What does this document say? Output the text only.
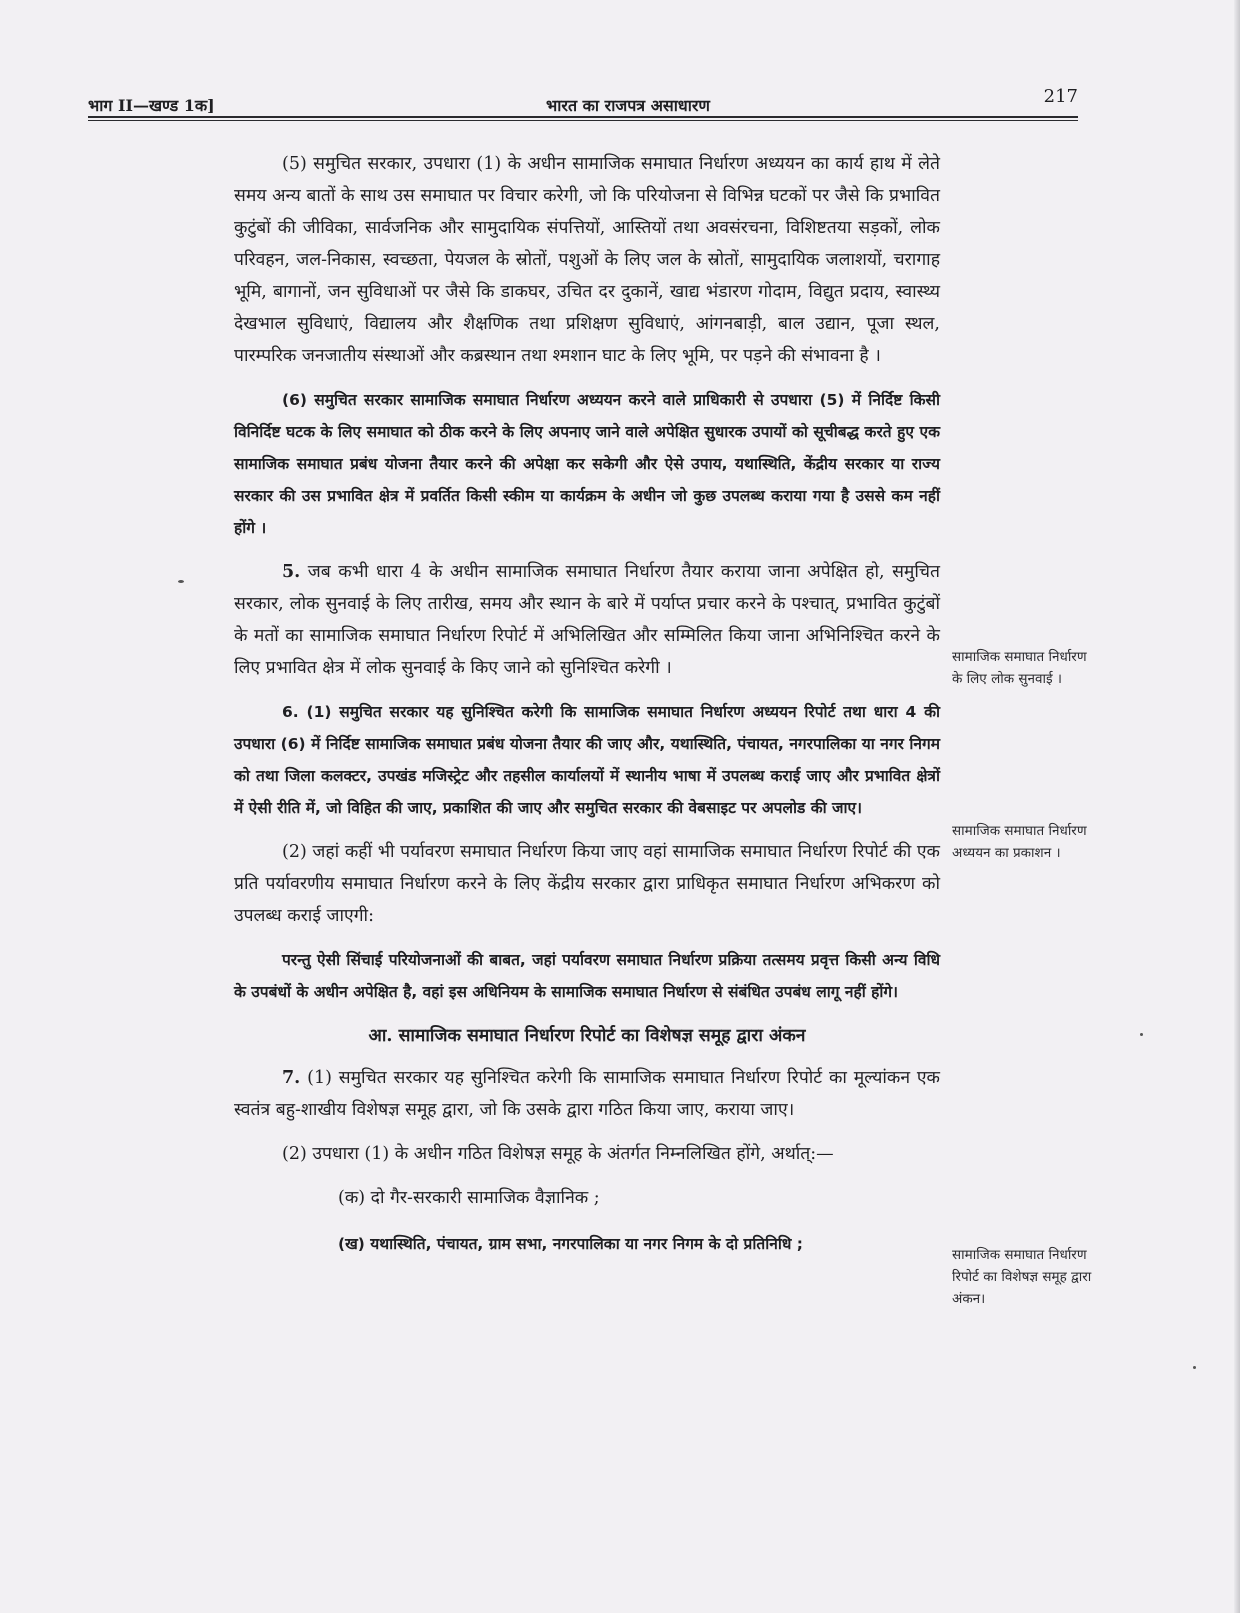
भाग II—खण्ड 1क]	भारत का राजपत्र असाधारण	217

(5) समुचित सरकार, उपधारा (1) के अधीन सामाजिक समाघात निर्धारण अध्ययन का कार्य हाथ में लेते समय अन्य बातों के साथ उस समाघात पर विचार करेगी, जो कि परियोजना से विभिन्न घटकों पर जैसे कि प्रभावित कुटुंबों की जीविका, सार्वजनिक और सामुदायिक संपत्तियों, आस्तियों तथा अवसंरचना, विशिष्टतया सड़कों, लोक परिवहन, जल-निकास, स्वच्छता, पेयजल के स्रोतों, पशुओं के लिए जल के स्रोतों, सामुदायिक जलाशयों, चरागाह भूमि, बागानों, जन सुविधाओं पर जैसे कि डाकघर, उचित दर दुकानें, खाद्य भंडारण गोदाम, विद्युत प्रदाय, स्वास्थ्य देखभाल सुविधाएं, विद्यालय और शैक्षणिक तथा प्रशिक्षण सुविधाएं, आंगनबाड़ी, बाल उद्यान, पूजा स्थल, पारम्परिक जनजातीय संस्थाओं और कब्रस्थान तथा श्मशान घाट के लिए भूमि, पर पड़ने की संभावना है ।

(6) समुचित सरकार सामाजिक समाघात निर्धारण अध्ययन करने वाले प्राधिकारी से उपधारा (5) में निर्दिष्ट किसी विनिर्दिष्ट घटक के लिए समाघात को ठीक करने के लिए अपनाए जाने वाले अपेक्षित सुधारक उपायों को सूचीबद्ध करते हुए एक सामाजिक समाघात प्रबंध योजना तैयार करने की अपेक्षा कर सकेगी और ऐसे उपाय, यथास्थिति, केंद्रीय सरकार या राज्य सरकार की उस प्रभावित क्षेत्र में प्रवर्तित किसी स्कीम या कार्यक्रम के अधीन जो कुछ उपलब्ध कराया गया है उससे कम नहीं होंगे ।

5. जब कभी धारा 4 के अधीन सामाजिक समाघात निर्धारण तैयार कराया जाना अपेक्षित हो, समुचित सरकार, लोक सुनवाई के लिए तारीख, समय और स्थान के बारे में पर्याप्त प्रचार करने के पश्चात्, प्रभावित कुटुंबों के मतों का सामाजिक समाघात निर्धारण रिपोर्ट में अभिलिखित और सम्मिलित किया जाना अभिनिश्चित करने के लिए प्रभावित क्षेत्र में लोक सुनवाई के किए जाने को सुनिश्चित करेगी ।

6. (1) समुचित सरकार यह सुनिश्चित करेगी कि सामाजिक समाघात निर्धारण अध्ययन रिपोर्ट तथा धारा 4 की उपधारा (6) में निर्दिष्ट सामाजिक समाघात प्रबंध योजना तैयार की जाए और, यथास्थिति, पंचायत, नगरपालिका या नगर निगम को तथा जिला कलक्टर, उपखंड मजिस्ट्रेट और तहसील कार्यालयों में स्थानीय भाषा में उपलब्ध कराई जाए और प्रभावित क्षेत्रों में ऐसी रीति में, जो विहित की जाए, प्रकाशित की जाए और समुचित सरकार की वेबसाइट पर अपलोड की जाए।

(2) जहां कहीं भी पर्यावरण समाघात निर्धारण किया जाए वहां सामाजिक समाघात निर्धारण रिपोर्ट की एक प्रति पर्यावरणीय समाघात निर्धारण करने के लिए केंद्रीय सरकार द्वारा प्राधिकृत समाघात निर्धारण अभिकरण को उपलब्ध कराई जाएगी:

परन्तु ऐसी सिंचाई परियोजनाओं की बाबत, जहां पर्यावरण समाघात निर्धारण प्रक्रिया तत्समय प्रवृत्त किसी अन्य विधि के उपबंधों के अधीन अपेक्षित है, वहां इस अधिनियम के सामाजिक समाघात निर्धारण से संबंधित उपबंध लागू नहीं होंगे।

आ. सामाजिक समाघात निर्धारण रिपोर्ट का विशेषज्ञ समूह द्वारा अंकन

7. (1) समुचित सरकार यह सुनिश्चित करेगी कि सामाजिक समाघात निर्धारण रिपोर्ट का मूल्यांकन एक स्वतंत्र बहु-शाखीय विशेषज्ञ समूह द्वारा, जो कि उसके द्वारा गठित किया जाए, कराया जाए।

(2) उपधारा (1) के अधीन गठित विशेषज्ञ समूह के अंतर्गत निम्नलिखित होंगे, अर्थात्:—

(क) दो गैर-सरकारी सामाजिक वैज्ञानिक ;

(ख) यथास्थिति, पंचायत, ग्राम सभा, नगरपालिका या नगर निगम के दो प्रतिनिधि ;

सामाजिक समाघात निर्धारण के लिए लोक सुनवाई ।
सामाजिक समाघात निर्धारण अध्ययन का प्रकाशन ।
सामाजिक समाघात निर्धारण रिपोर्ट का विशेषज्ञ समूह द्वारा अंकन।
